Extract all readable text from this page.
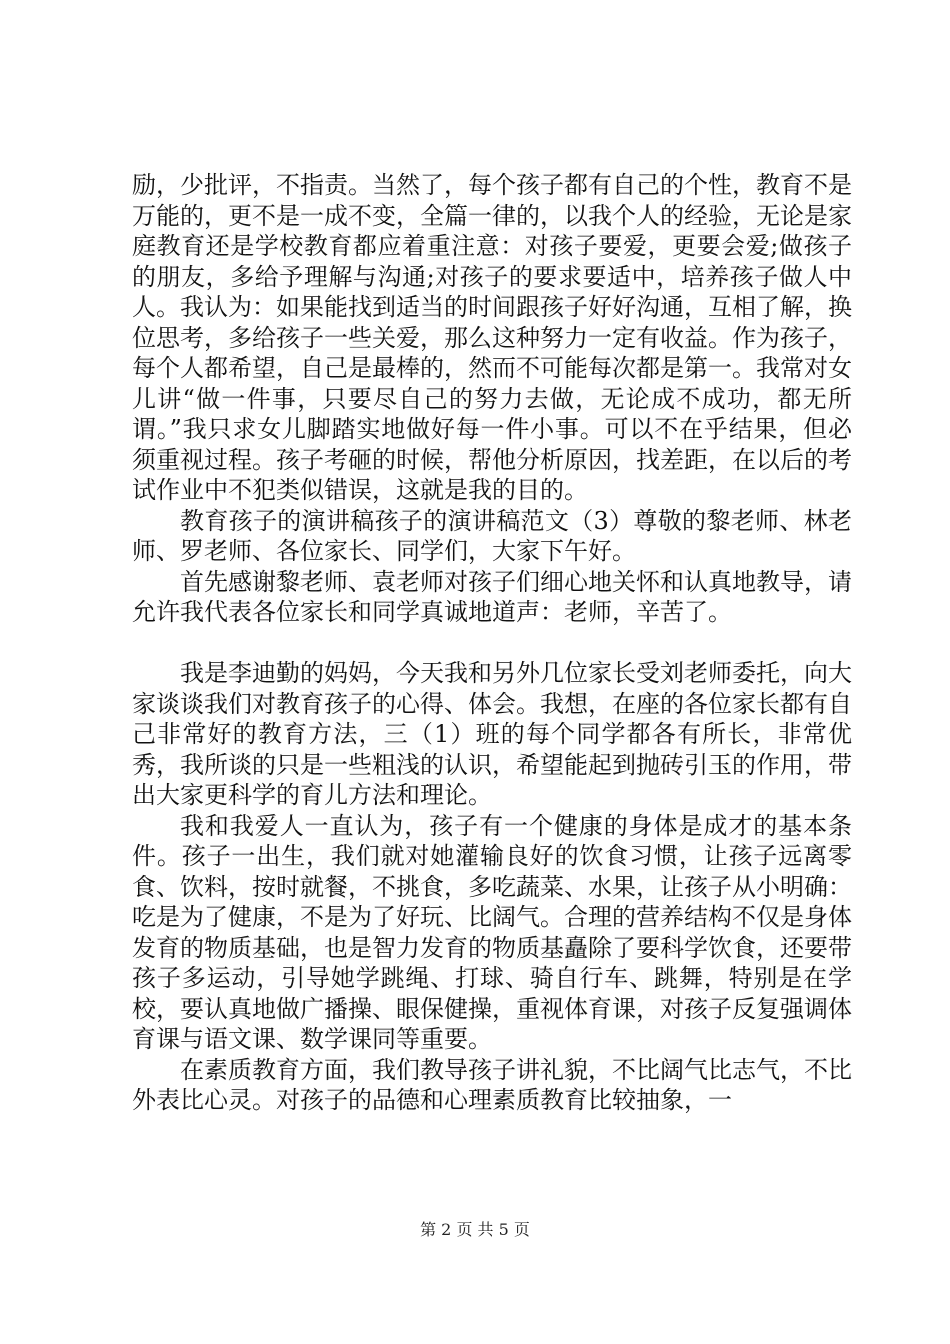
励，少批评，不指责。当然了，每个孩子都有自己的个性，教育不是万能的，更不是一成不变，全篇一律的，以我个人的经验，无论是家庭教育还是学校教育都应着重注意：对孩子要爱，更要会爱;做孩子的朋友，多给予理解与沟通;对孩子的要求要适中，培养孩子做人中人。我认为：如果能找到适当的时间跟孩子好好沟通，互相了解，换位思考，多给孩子一些关爱，那么这种努力一定有收益。作为孩子，每个人都希望，自己是最棒的，然而不可能每次都是第一。我常对女儿讲“做一件事，只要尽自己的努力去做，无论成不成功，都无所谓。”我只求女儿脚踏实地做好每一件小事。可以不在乎结果，但必须重视过程。孩子考砸的时候，帮他分析原因，找差距，在以后的考试作业中不犯类似错误，这就是我的目的。

教育孩子的演讲稿孩子的演讲稿范文（3）尊敬的黎老师、林老师、罗老师、各位家长、同学们，大家下午好。

首先感谢黎老师、袁老师对孩子们细心地关怀和认真地教导，请允许我代表各位家长和同学真诚地道声：老师，辛苦了。

我是李迪勤的妈妈，今天我和另外几位家长受刘老师委托，向大家谈谈我们对教育孩子的心得、体会。我想，在座的各位家长都有自己非常好的教育方法，三（1）班的每个同学都各有所长，非常优秀，我所谈的只是一些粗浅的认识，希望能起到抛砖引玉的作用，带出大家更科学的育儿方法和理论。

我和我爱人一直认为，孩子有一个健康的身体是成才的基本条件。孩子一出生，我们就对她灌输良好的饮食习惯，让孩子远离零食、饮料，按时就餐，不挑食，多吃蔬菜、水果，让孩子从小明确：吃是为了健康，不是为了好玩、比阔气。合理的营养结构不仅是身体发育的物质基础，也是智力发育的物质基矗除了要科学饮食，还要带孩子多运动，引导她学跳绳、打球、骑自行车、跳舞，特别是在学校，要认真地做广播操、眼保健操，重视体育课，对孩子反复强调体育课与语文课、数学课同等重要。

在素质教育方面，我们教导孩子讲礼貌，不比阔气比志气，不比外表比心灵。对孩子的品德和心理素质教育比较抽象，一

第 2 页 共 5 页
